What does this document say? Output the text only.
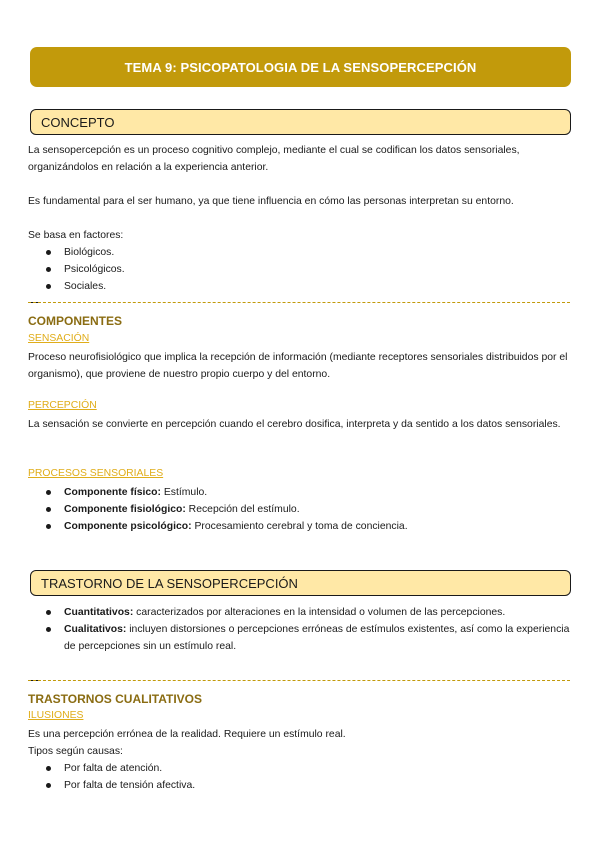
TEMA 9: PSICOPATOLOGIA DE LA SENSOPERCEPCIÓN
CONCEPTO
La sensopercepción es un proceso cognitivo complejo, mediante el cual se codifican los datos sensoriales, organizándolos en relación a la experiencia anterior.
Es fundamental para el ser humano, ya que tiene influencia en cómo las personas interpretan su entorno.
Se basa en factores:
Biológicos.
Psicológicos.
Sociales.
COMPONENTES
SENSACIÓN
Proceso neurofisiológico que implica la recepción de información (mediante receptores sensoriales distribuidos por el organismo), que proviene de nuestro propio cuerpo y del entorno.
PERCEPCIÓN
La sensación se convierte en percepción cuando el cerebro dosifica, interpreta y da sentido a los datos sensoriales.
PROCESOS SENSORIALES
Componente físico: Estímulo.
Componente fisiológico: Recepción del estímulo.
Componente psicológico: Procesamiento cerebral y toma de conciencia.
TRASTORNO DE LA SENSOPERCEPCIÓN
Cuantitativos: caracterizados por alteraciones en la intensidad o volumen de las percepciones.
Cualitativos: incluyen distorsiones o percepciones erróneas de estímulos existentes, así como la experiencia de percepciones sin un estímulo real.
TRASTORNOS CUALITATIVOS
ILUSIONES
Es una percepción errónea de la realidad. Requiere un estímulo real.
Tipos según causas:
Por falta de atención.
Por falta de tensión afectiva.
